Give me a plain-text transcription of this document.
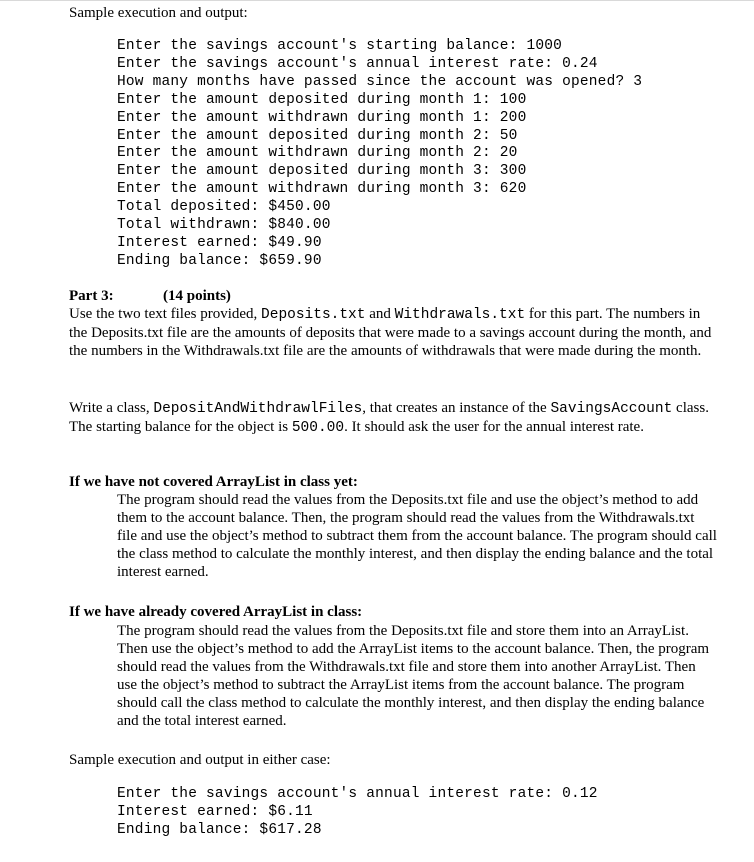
Sample execution and output:
Enter the savings account's starting balance: 1000
Enter the savings account's annual interest rate: 0.24
How many months have passed since the account was opened? 3
Enter the amount deposited during month 1: 100
Enter the amount withdrawn during month 1: 200
Enter the amount deposited during month 2: 50
Enter the amount withdrawn during month 2: 20
Enter the amount deposited during month 3: 300
Enter the amount withdrawn during month 3: 620
Total deposited: $450.00
Total withdrawn: $840.00
Interest earned: $49.90
Ending balance: $659.90
Part 3:	(14 points)
Use the two text files provided, Deposits.txt and Withdrawals.txt for this part. The numbers in the Deposits.txt file are the amounts of deposits that were made to a savings account during the month, and the numbers in the Withdrawals.txt file are the amounts of withdrawals that were made during the month.
Write a class, DepositAndWithdrawlFiles, that creates an instance of the SavingsAccount class. The starting balance for the object is 500.00. It should ask the user for the annual interest rate.
If we have not covered ArrayList in class yet:
The program should read the values from the Deposits.txt file and use the object’s method to add them to the account balance. Then, the program should read the values from the Withdrawals.txt file and use the object’s method to subtract them from the account balance. The program should call the class method to calculate the monthly interest, and then display the ending balance and the total interest earned.
If we have already covered ArrayList in class:
The program should read the values from the Deposits.txt file and store them into an ArrayList. Then use the object’s method to add the ArrayList items to the account balance. Then, the program should read the values from the Withdrawals.txt file and store them into another ArrayList. Then use the object’s method to subtract the ArrayList items from the account balance. The program should call the class method to calculate the monthly interest, and then display the ending balance and the total interest earned.
Sample execution and output in either case:
Enter the savings account's annual interest rate: 0.12
Interest earned: $6.11
Ending balance: $617.28
